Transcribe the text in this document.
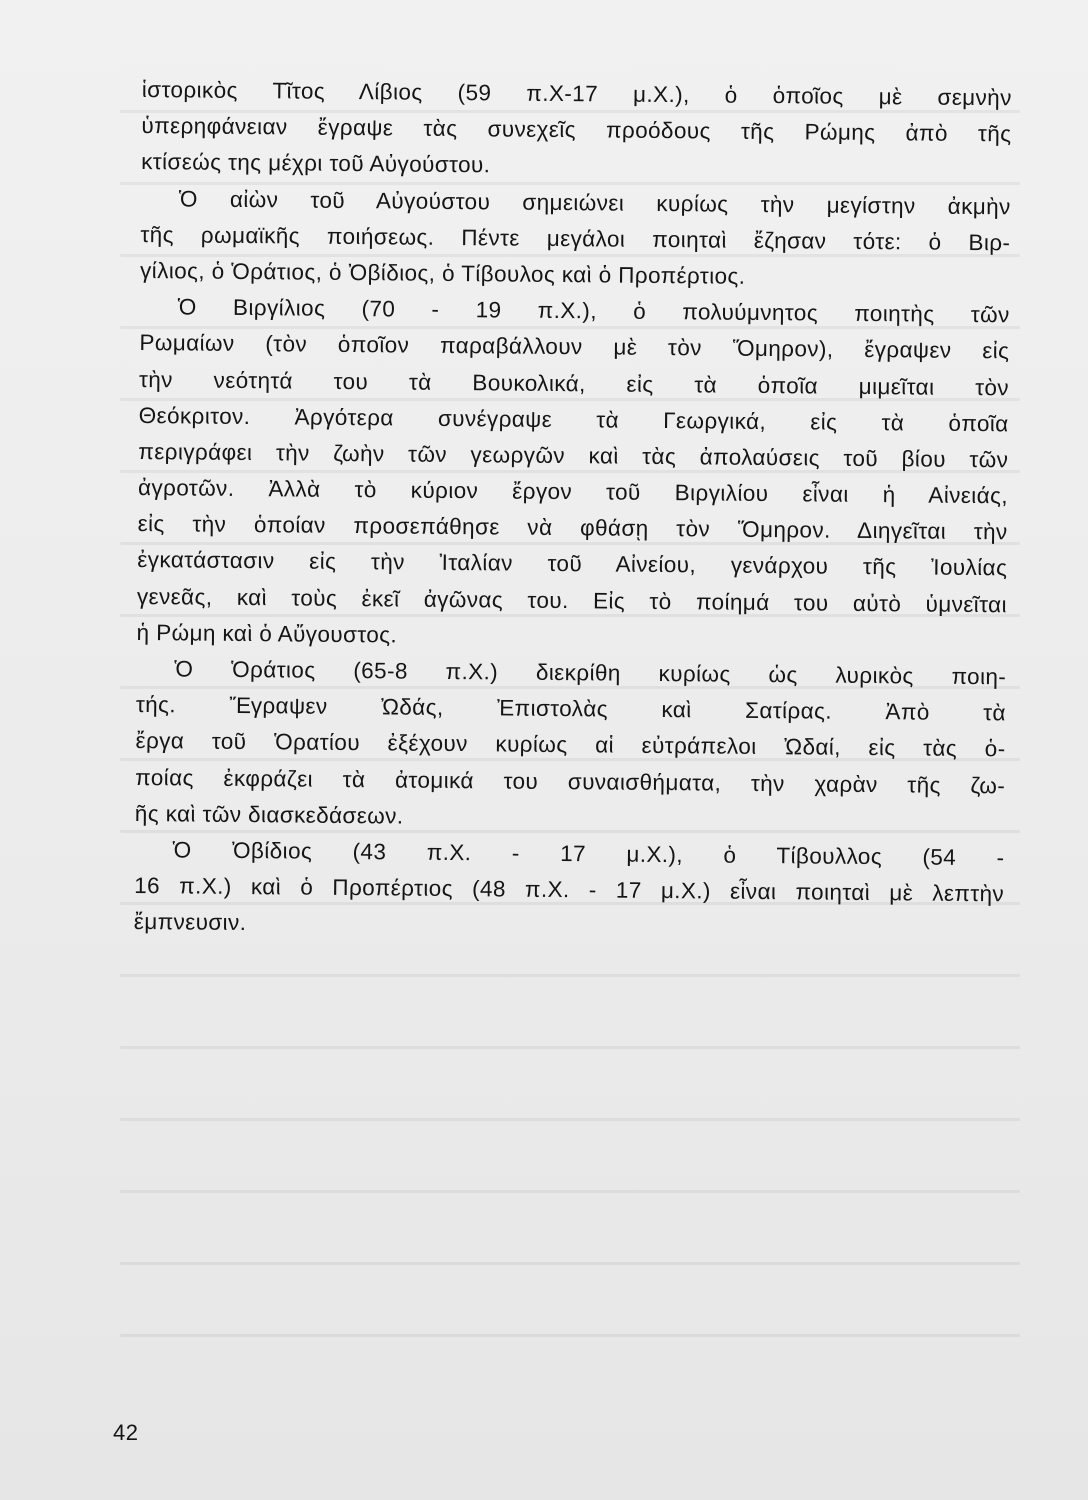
ἱστορικὸς Τῖτος Λίβιος (59 π.Χ-17 μ.Χ.), ὁ ὁποῖος μὲ σεμνὴν
ὑπερηφάνειαν ἔγραψε τὰς συνεχεῖς προόδους τῆς Ρώμης ἀπὸ τῆς
κτίσεώς της μέχρι τοῦ Αὐγούστου.
Ὁ αἰὼν τοῦ Αὐγούστου σημειώνει κυρίως τὴν μεγίστην ἀκμὴν
τῆς ρωμαϊκῆς ποιήσεως. Πέντε μεγάλοι ποιηταὶ ἔζησαν τότε: ὁ Βιρ-
γίλιος, ὁ Ὁράτιος, ὁ Ὀβίδιος, ὁ Τίβουλος καὶ ὁ Προπέρτιος.
Ὁ Βιργίλιος (70 - 19 π.Χ.), ὁ πολυύμνητος ποιητὴς τῶν
Ρωμαίων (τὸν ὁποῖον παραβάλλουν μὲ τὸν Ὅμηρον), ἔγραψεν εἰς
τὴν νεότητά του τὰ Βουκολικά, εἰς τὰ ὁποῖα μιμεῖται τὸν
Θεόκριτον. Ἀργότερα συνέγραψε τὰ Γεωργικά, εἰς τὰ ὁποῖα
περιγράφει τὴν ζωὴν τῶν γεωργῶν καὶ τὰς ἀπολαύσεις τοῦ βίου τῶν
ἀγροτῶν. Ἀλλὰ τὸ κύριον ἔργον τοῦ Βιργιλίου εἶναι ἡ Αἰνειάς,
εἰς τὴν ὁποίαν προσεπάθησε νὰ φθάσῃ τὸν Ὅμηρον. Διηγεῖται τὴν
ἐγκατάστασιν εἰς τὴν Ἰταλίαν τοῦ Αἰνείου, γενάρχου τῆς Ἰουλίας
γενεᾶς, καὶ τοὺς ἐκεῖ ἀγῶνας του. Εἰς τὸ ποίημά του αὐτὸ ὑμνεῖται
ἡ Ρώμη καὶ ὁ Αὔγουστος.
Ὁ Ὁράτιος (65-8 π.Χ.) διεκρίθη κυρίως ὡς λυρικὸς ποιη-
τής. Ἔγραψεν Ὠδάς, Ἐπιστολὰς καὶ Σατίρας. Ἀπὸ τὰ
ἔργα τοῦ Ὁρατίου ἐξέχουν κυρίως αἱ εὐτράπελοι Ὠδαί, εἰς τὰς ὁ-
ποίας ἐκφράζει τὰ ἀτομικά του συναισθήματα, τὴν χαρὰν τῆς ζω-
ῆς καὶ τῶν διασκεδάσεων.
Ὁ Ὀβίδιος (43 π.Χ. - 17 μ.Χ.), ὁ Τίβουλλος (54 -
16 π.Χ.) καὶ ὁ Προπέρτιος (48 π.Χ. - 17 μ.Χ.) εἶναι ποιηταὶ μὲ λεπτὴν
ἔμπνευσιν.
42
